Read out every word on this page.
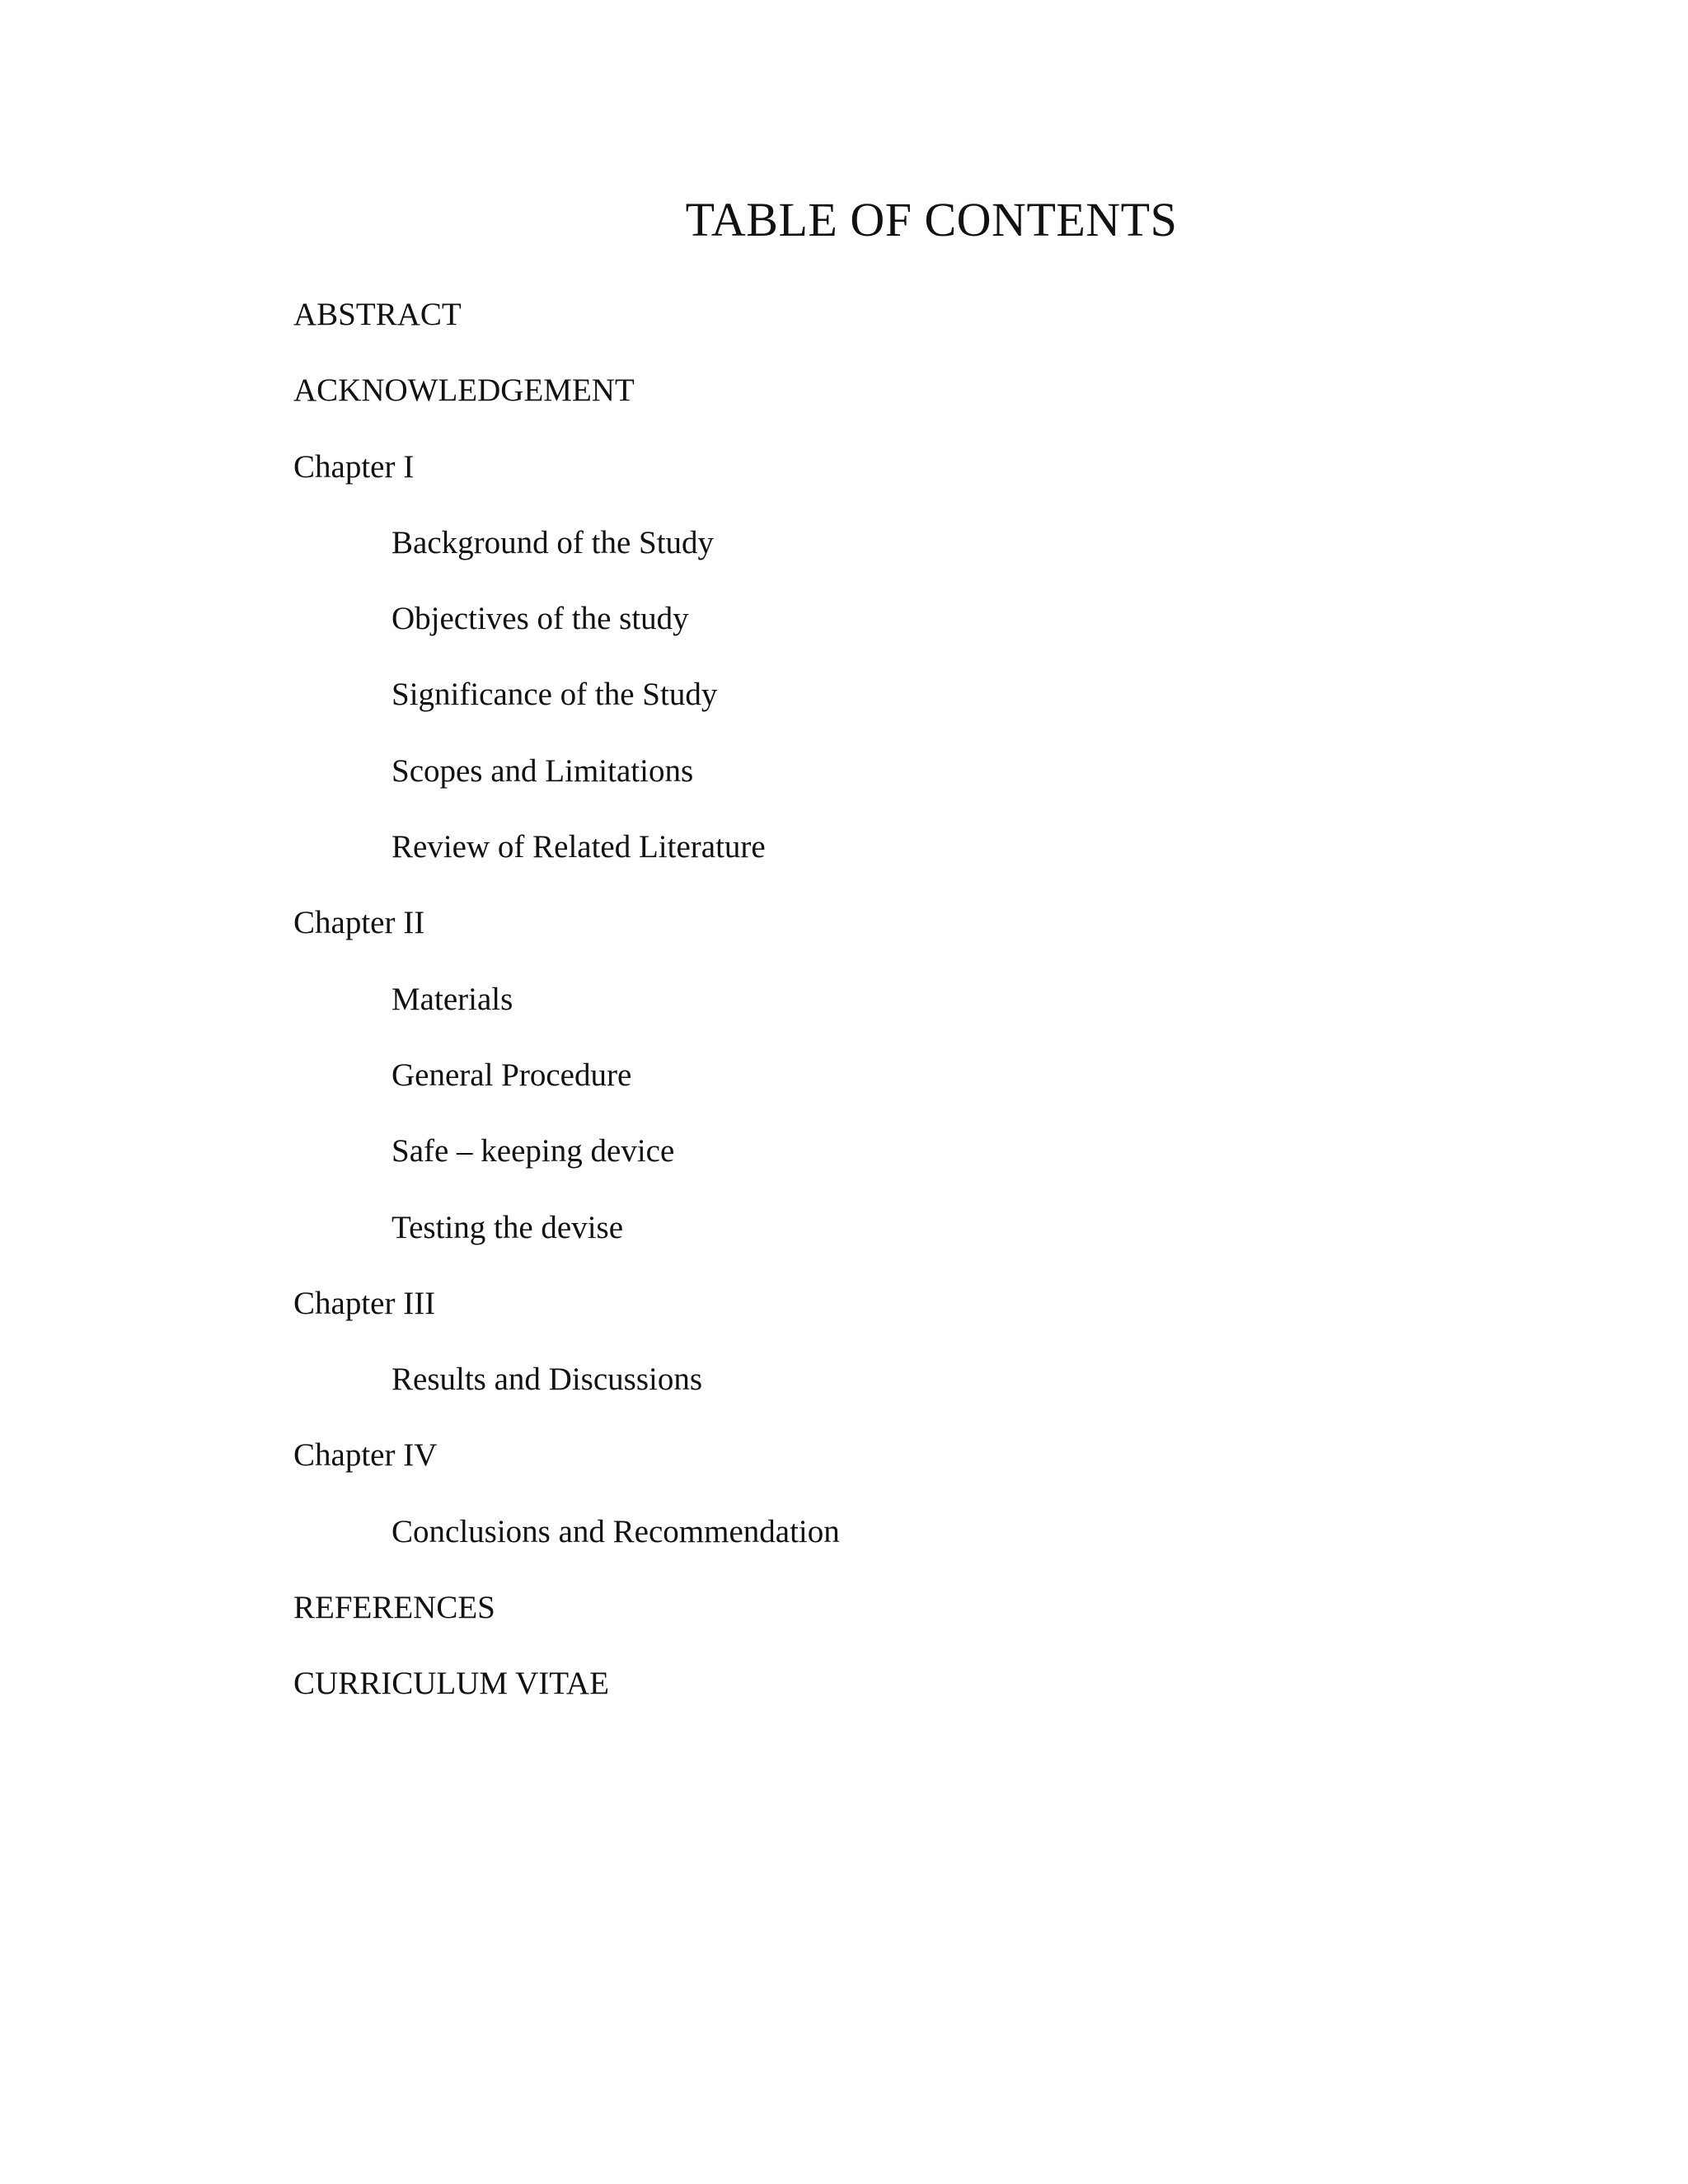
TABLE OF CONTENTS
ABSTRACT
ACKNOWLEDGEMENT
Chapter I
Background of the Study
Objectives of the study
Significance of the Study
Scopes and Limitations
Review of Related Literature
Chapter II
Materials
General Procedure
Safe – keeping device
Testing the devise
Chapter III
Results and Discussions
Chapter IV
Conclusions and Recommendation
REFERENCES
CURRICULUM VITAE
